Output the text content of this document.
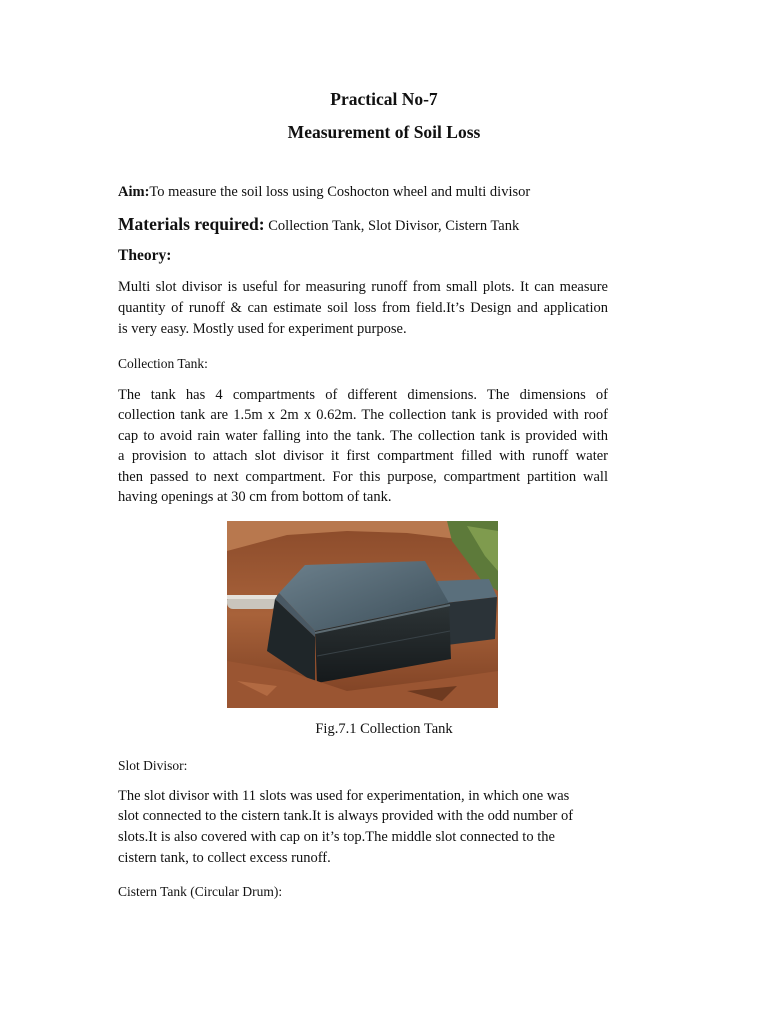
Practical No-7
Measurement of Soil Loss
Aim:To measure the soil loss using Coshocton wheel and multi divisor
Materials required: Collection Tank, Slot Divisor, Cistern Tank
Theory:
Multi slot divisor is useful for measuring runoff from small plots. It can measure
quantity of runoff & can estimate soil loss from field.It’s Design and application
is very easy. Mostly used for experiment purpose.
Collection Tank:
The tank has 4 compartments of different dimensions. The dimensions of
collection tank are 1.5m x 2m x 0.62m. The collection tank is provided with roof
cap to avoid rain water falling into the tank. The collection tank is provided with
a provision to attach slot divisor it first compartment filled with runoff water
then passed to next compartment. For this purpose, compartment partition wall
having openings at 30 cm from bottom of tank.
Fig.7.1 Collection Tank
Slot Divisor:
The slot divisor with 11 slots was used for experimentation, in which one was
slot connected to the cistern tank.It is always provided with the odd number of
slots.It is also covered with cap on it’s top.The middle slot connected to the
cistern tank, to collect excess runoff.
Cistern Tank (Circular Drum):
